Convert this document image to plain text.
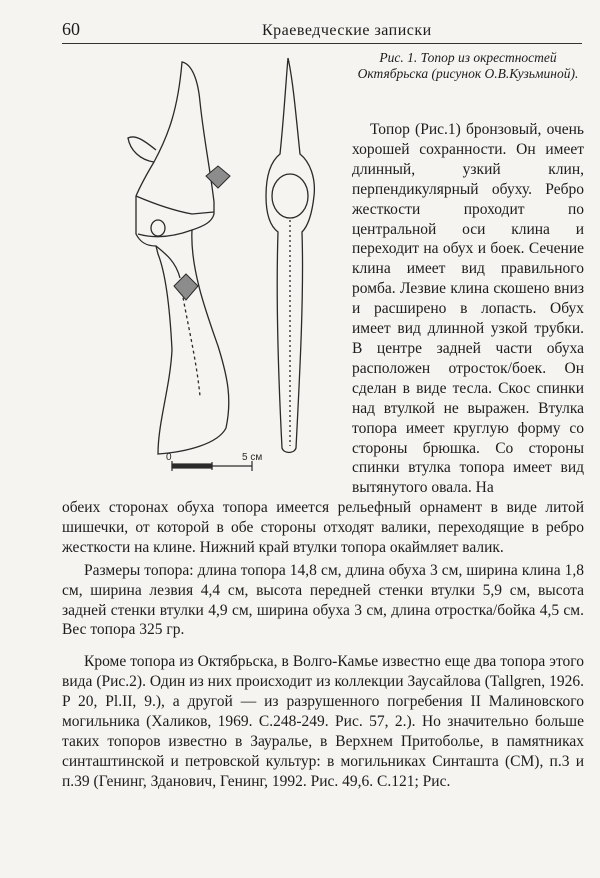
60	Краеведческие записки
0	5 см
Рис. 1. Топор из окрестностей Октябрьска (рисунок О.В.Кузьминой).

Топор (Рис.1) бронзовый, очень хорошей сохранности. Он имеет длинный, узкий клин, перпендикулярный обуху. Ребро жесткости проходит по центральной оси клина и переходит на обух и боек. Сечение клина имеет вид правильного ромба. Лезвие клина скошено вниз и расширено в лопасть. Обух имеет вид длинной узкой трубки. В центре задней части обуха расположен отросток/боек. Он сделан в виде тесла. Скос спинки над втулкой не выражен. Втулка топора имеет круглую форму со стороны брюшка. Со стороны спинки втулка топора имеет вид вытянутого овала. На

обеих сторонах обуха топора имеется рельефный орнамент в виде литой шишечки, от которой в обе стороны отходят валики, переходящие в ребро жесткости на клине. Нижний край втулки топора окаймляет валик.

Размеры топора: длина топора 14,8 см, длина обуха 3 см, ширина клина 1,8 см, ширина лезвия 4,4 см, высота передней стенки втулки 5,9 см, высота задней стенки втулки 4,9 см, ширина обуха 3 см, длина отростка/бойка 4,5 см. Вес топора 325 гр.

Кроме топора из Октябрьска, в Волго-Камье известно еще два топора этого вида (Рис.2). Один из них происходит из коллекции Заусайлова (Tallgren, 1926. P 20, Pl.II, 9.), а другой — из разрушенного погребения II Малиновского могильника (Халиков, 1969. С.248-249. Рис. 57, 2.). Но значительно больше таких топоров известно в Зауралье, в Верхнем Притоболье, в памятниках синташтинской и петровской культур: в могильниках Синташта (СМ), п.3 и п.39 (Генинг, Зданович, Генинг, 1992. Рис. 49,6. С.121; Рис.
